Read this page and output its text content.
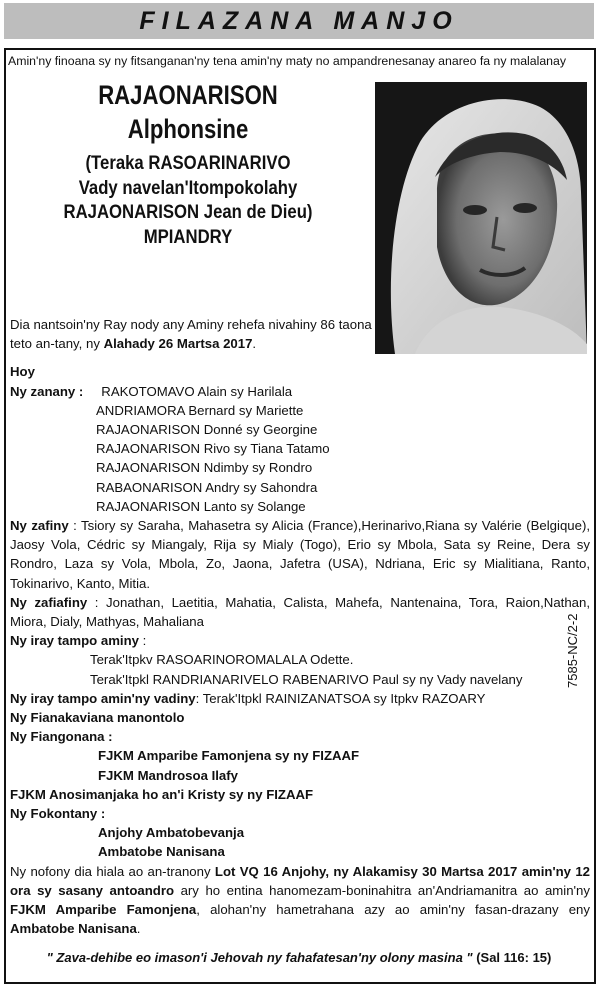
FILAZANA MANJO
Amin'ny finoana sy ny fitsanganan'ny tena amin'ny maty no ampandrenesanay anareo fa ny malalanay
RAJAONARISON
Alphonsine
(Teraka RASOARINARIVO
Vady navelan'Itompokolahy
RAJAONARISON Jean de Dieu)
MPIANDRY
Dia nantsoin'ny Ray nody any Aminy rehefa nivahiny 86 taona
teto an-tany, ny Alahady 26 Martsa 2017.
Hoy
Ny zanany : RAKOTOMAVO Alain sy Harilala
ANDRIAMORA Bernard sy Mariette
RAJAONARISON Donné sy Georgine
RAJAONARISON Rivo sy Tiana Tatamo
RAJAONARISON Ndimby sy Rondro
RABAONARISON Andry sy Sahondra
RAJAONARISON Lanto sy Solange
Ny zafiny : Tsiory sy Saraha, Mahasetra sy Alicia (France),Herinarivo,Riana sy Valérie (Belgique), Jaosy Vola, Cédric sy Miangaly, Rija sy Mialy (Togo), Erio sy Mbola, Sata sy Reine, Dera sy Rondro, Laza sy Vola, Mbola, Zo, Jaona, Jafetra (USA), Ndriana, Eric sy Mialitiana, Ranto, Tokinarivo, Kanto, Mitia.
Ny zafiafiny : Jonathan, Laetitia, Mahatia, Calista, Mahefa, Nantenaina, Tora, Raion,Nathan, Miora, Dialy, Mathyas, Mahaliana
Ny iray tampo aminy :
Terak'Itpkv RASOARINOROMALALA Odette.
Terak'Itpkl RANDRIANARIVELO RABENARIVO Paul sy ny Vady navelany
Ny iray tampo amin'ny vadiny: Terak'Itpkl RAINIZANATSOA sy Itpkv RAZOARY
Ny Fianakaviana manontolo
Ny Fiangonana :
FJKM Amparibe Famonjena sy ny FIZAAF
FJKM Mandrosoa Ilafy
FJKM Anosimanjaka ho an'i Kristy sy ny FIZAAF
Ny Fokontany :
Anjohy Ambatobevanja
Ambatobe Nanisana
Ny nofony dia hiala ao an-tranony Lot VQ 16 Anjohy, ny Alakamisy 30 Martsa 2017 amin'ny 12 ora sy sasany antoandro ary ho entina hanomezam-boninahitra an'Andriamanitra ao amin'ny FJKM Amparibe Famonjena, alohan'ny hametrahana azy ao amin'ny fasan-drazany eny Ambatobe Nanisana.
7585-NC/2-2
" Zava-dehibe eo imason'i Jehovah ny fahafatesan'ny olony masina " (Sal 116: 15)
